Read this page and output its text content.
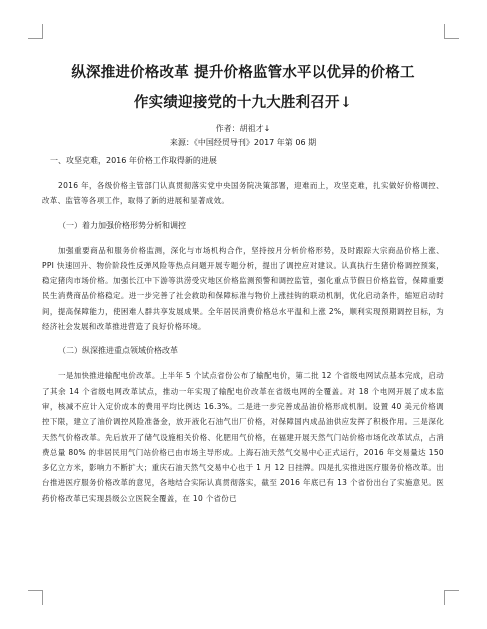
纵深推进价格改革 提升价格监管水平以优异的价格工
作实绩迎接党的十九大胜利召开↓
作者：胡祖才↓
来源：《中国经贸导刊》2017 年第 06 期
一、攻坚克难，2016 年价格工作取得新的进展

2016 年，各级价格主管部门认真贯彻落实党中央国务院决策部署，迎难而上，攻坚克难，扎实做好价格调控、改革、监管等各项工作，取得了新的进展和显著成效。

（一）着力加强价格形势分析和调控

加强重要商品和服务价格监测，深化与市场机构合作，坚持按月分析价格形势，及时跟踪大宗商品价格上涨、PPI 快速回升、物价阶段性反弹风险等热点问题开展专题分析，提出了调控应对建议。认真执行生猪价格调控预案，稳定猪肉市场价格。加强长江中下游等洪涝受灾地区价格监测预警和调控监管，强化重点节假日价格监管，保障重要民生消费商品价格稳定。进一步完善了社会救助和保障标准与物价上涨挂钩的联动机制，优化启动条件，缩短启动时间，提高保障能力，使困难人群共享发展成果。全年居民消费价格总水平温和上涨 2%，顺利实现预期调控目标，为经济社会发展和改革推进营造了良好价格环境。

（二）纵深推进重点领域价格改革

一是加快推进输配电价改革。上半年 5 个试点省份公布了输配电价，第二批 12 个省级电网试点基本完成，启动了其余 14 个省级电网改革试点，推动一年实现了输配电价改革在省级电网的全覆盖。对 18 个电网开展了成本监审，核减不应计入定价成本的费用平均比例达 16.3%。二是进一步完善成品油价格形成机制。设置 40 美元价格调控下限，建立了油价调控风险准备金，放开液化石油气出厂价格，对保障国内成品油供应发挥了积极作用。三是深化天然气价格改革。先后放开了储气设施相关价格、化肥用气价格，在福建开展天然气门站价格市场化改革试点，占消费总量 80% 的非居民用气门站价格已由市场主导形成。上海石油天然气交易中心正式运行，2016 年交易量达 150 多亿立方米，影响力不断扩大；重庆石油天然气交易中心也于 1 月 12 日挂牌。四是扎实推进医疗服务价格改革。出台推进医疗服务价格改革的意见，各地结合实际认真贯彻落实，截至 2016 年底已有 13 个省份出台了实施意见。医药价格改革已实现县级公立医院全覆盖，在 10 个省份已
